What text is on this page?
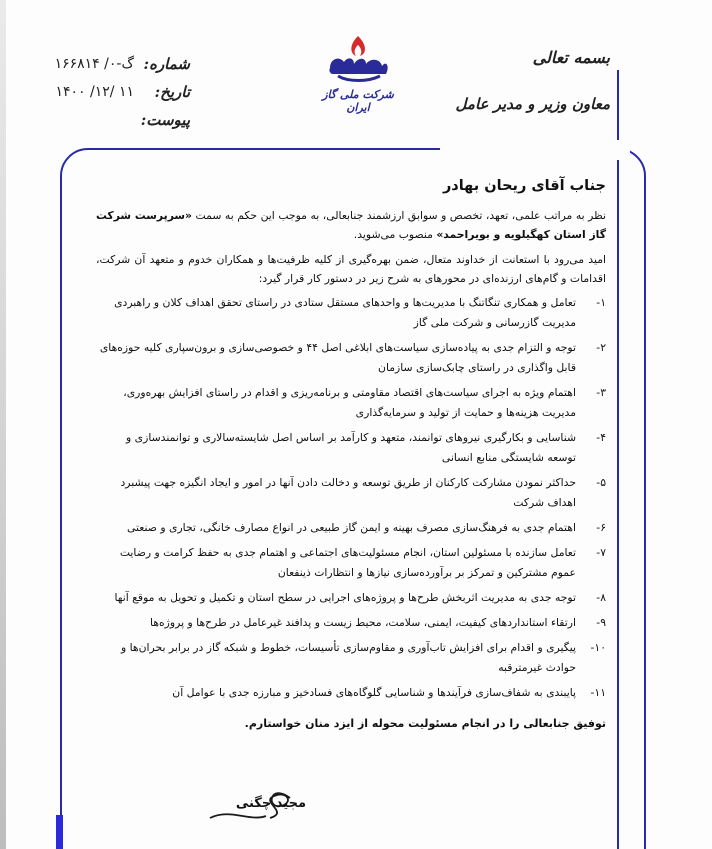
بسمه تعالی
معاون وزیر و مدیر عامل
شرکت ملی گاز ایران
شماره:
گ-۰/ ۱۶۶۸۱۴
تاریخ:
۱۴۰۰ /۱۲/ ۱۱
پیوست:
جناب آقای ریحان بهادر
نظر به مراتب علمی، تعهد، تخصص و سوابق ارزشمند جنابعالی، به موجب این حکم به سمت «سرپرست شرکت گاز استان کهگیلویه و بویراحمد» منصوب می‌شوید.
امید می‌رود با استعانت از خداوند متعال، ضمن بهره‌گیری از کلیه ظرفیت‌ها و همکاران خدوم و متعهد آن شرکت، اقدامات و گام‌های ارزنده‌ای در محورهای به شرح زیر در دستور کار قرار گیرد:
۱-
تعامل و همکاری تنگاتنگ با مدیریت‌ها و واحدهای مستقل ستادی در راستای تحقق اهداف کلان و راهبردی مدیریت گازرسانی و شرکت ملی گاز
۲-
توجه و التزام جدی به پیاده‌سازی سیاست‌های ابلاغی اصل ۴۴ و خصوصی‌سازی و برون‌سپاری کلیه حوزه‌های قابل واگذاری در راستای چابک‌سازی سازمان
۳-
اهتمام ویژه به اجرای سیاست‌های اقتصاد مقاومتی و برنامه‌ریزی و اقدام در راستای افزایش بهره‌وری، مدیریت هزینه‌ها و حمایت از تولید و سرمایه‌گذاری
۴-
شناسایی و بکارگیری نیروهای توانمند، متعهد و کارآمد بر اساس اصل شایسته‌سالاری و توانمندسازی و توسعه شایستگی منابع انسانی
۵-
حداکثر نمودن مشارکت کارکنان از طریق توسعه و دخالت دادن آنها در امور و ایجاد انگیزه جهت پیشبرد اهداف شرکت
۶-
اهتمام جدی به فرهنگ‌سازی مصرف بهینه و ایمن گاز طبیعی در انواع مصارف خانگی، تجاری و صنعتی
۷-
تعامل سازنده با مسئولین استان، انجام مسئولیت‌های اجتماعی و اهتمام جدی به حفظ کرامت و رضایت عموم مشترکین و تمرکز بر برآورده‌سازی نیازها و انتظارات ذینفعان
۸-
توجه جدی به مدیریت اثربخش طرح‌ها و پروژه‌های اجرایی در سطح استان و تکمیل و تحویل به موقع آنها
۹-
ارتقاء استانداردهای کیفیت، ایمنی، سلامت، محیط زیست و پدافند غیرعامل در طرح‌ها و پروژه‌ها
۱۰-
پیگیری و اقدام برای افزایش تاب‌آوری و مقاوم‌سازی تأسیسات، خطوط و شبکه گاز در برابر بحران‌ها و حوادث غیرمترقبه
۱۱-
پایبندی به شفاف‌سازی فرآیندها و شناسایی گلوگاه‌های فسادخیز و مبارزه جدی با عوامل آن
توفیق جنابعالی را در انجام مسئولیت محوله از ایزد منان خواستارم.
مجید چگنی
